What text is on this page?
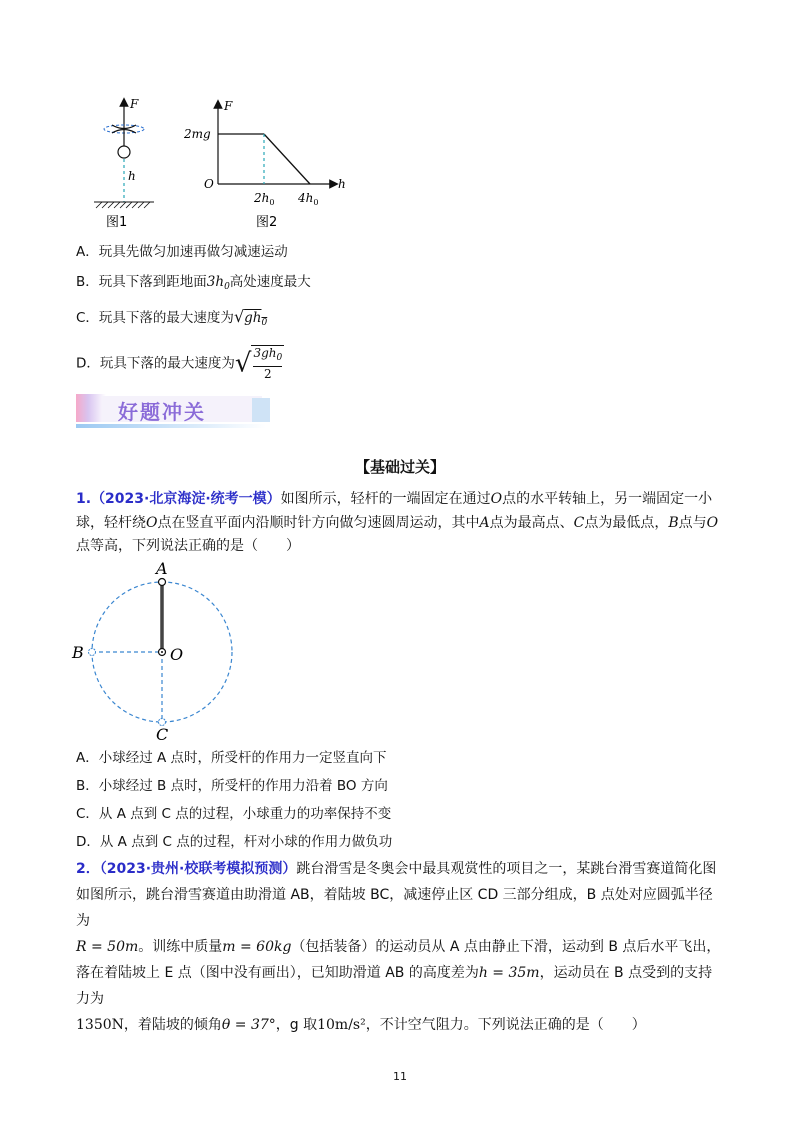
F
h
图1
F
h
O
2mg
$2h_0$ $4h_0$
图2
A．玩具先做匀加速再做匀减速运动
B．玩具下落到距地面$3h_0$高处速度最大
C．玩具下落的最大速度为$√gh_0$
D．玩具下落的最大速度为√ $\frac{3gh_0}{2}$
好题冲关
【基础过关】
1.（2023·北京海淀·统考一模）如图所示，轻杆的一端固定在通过O点的水平转轴上，另一端固定一小球，轻杆绕O点在竖直平面内沿顺时针方向做匀速圆周运动，其中A点为最高点、C点为最低点，B点与O点等高，下列说法正确的是（　　）
A
B	O
C
A．小球经过 A 点时，所受杆的作用力一定竖直向下
B．小球经过 B 点时，所受杆的作用力沿着 BO 方向
C．从 A 点到 C 点的过程，小球重力的功率保持不变
D．从 A 点到 C 点的过程，杆对小球的作用力做负功
2．（2023·贵州·校联考模拟预测）跳台滑雪是冬奥会中最具观赏性的项目之一，某跳台滑雪赛道简化图如图所示，跳台滑雪赛道由助滑道 AB，着陆坡 BC，减速停止区 CD 三部分组成，B 点处对应圆弧半径为
R = 50m。训练中质量m = 60kg（包括装备）的运动员从 A 点由静止下滑，运动到 B 点后水平飞出，落在着陆坡上 E 点（图中没有画出），已知助滑道 AB 的高度差为h = 35m，运动员在 B 点受到的支持力为
1350N，着陆坡的倾角θ = 37°，g 取10m/s²，不计空气阻力。下列说法正确的是（　　）
11
